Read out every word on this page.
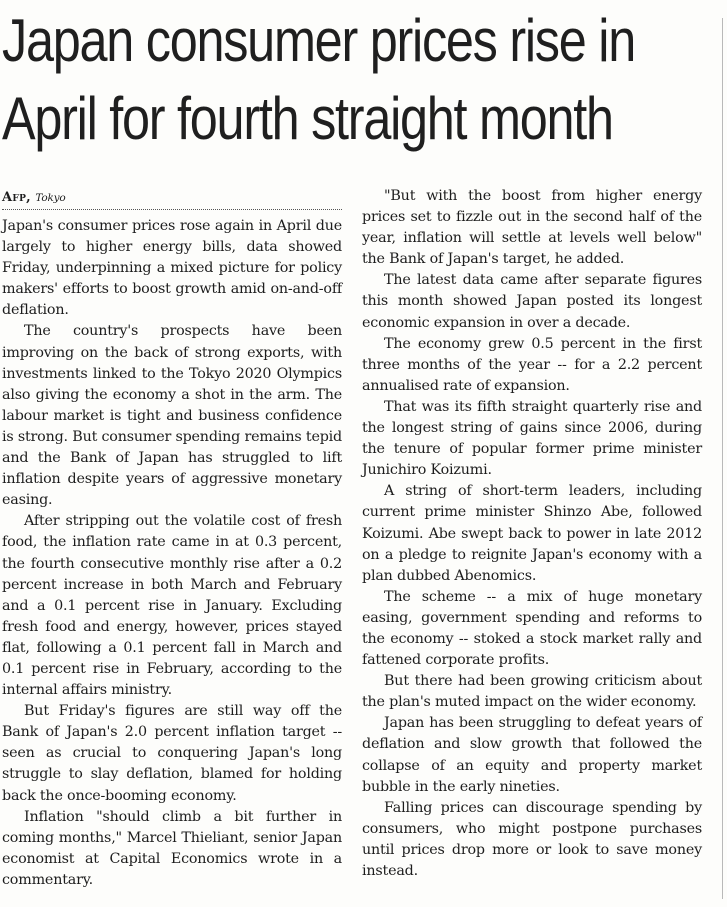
Japan consumer prices rise in
April for fourth straight month
Afp, Tokyo

Japan's consumer prices rose again in April due largely to higher energy bills, data showed Friday, underpinning a mixed picture for policy makers' efforts to boost growth amid on-and-off deflation.

The country's prospects have been improving on the back of strong exports, with investments linked to the Tokyo 2020 Olympics also giving the economy a shot in the arm. The labour market is tight and business confidence is strong. But consumer spending remains tepid and the Bank of Japan has struggled to lift inflation despite years of aggressive monetary easing.

After stripping out the volatile cost of fresh food, the inflation rate came in at 0.3 percent, the fourth consecutive monthly rise after a 0.2 percent increase in both March and February and a 0.1 percent rise in January. Excluding fresh food and energy, however, prices stayed flat, following a 0.1 percent fall in March and 0.1 percent rise in February, according to the internal affairs ministry.

But Friday's figures are still way off the Bank of Japan's 2.0 percent inflation target -- seen as crucial to conquering Japan's long struggle to slay deflation, blamed for holding back the once-booming economy.

Inflation "should climb a bit further in coming months," Marcel Thieliant, senior Japan economist at Capital Economics wrote in a commentary.

"But with the boost from higher energy prices set to fizzle out in the second half of the year, inflation will settle at levels well below" the Bank of Japan's target, he added.

The latest data came after separate figures this month showed Japan posted its longest economic expansion in over a decade.

The economy grew 0.5 percent in the first three months of the year -- for a 2.2 percent annualised rate of expansion.

That was its fifth straight quarterly rise and the longest string of gains since 2006, during the tenure of popular former prime minister Junichiro Koizumi.

A string of short-term leaders, including current prime minister Shinzo Abe, followed Koizumi. Abe swept back to power in late 2012 on a pledge to reignite Japan's economy with a plan dubbed Abenomics.

The scheme -- a mix of huge monetary easing, government spending and reforms to the economy -- stoked a stock market rally and fattened corporate profits.

But there had been growing criticism about the plan's muted impact on the wider economy.

Japan has been struggling to defeat years of deflation and slow growth that followed the collapse of an equity and property market bubble in the early nineties.

Falling prices can discourage spending by consumers, who might postpone purchases until prices drop more or look to save money instead.
